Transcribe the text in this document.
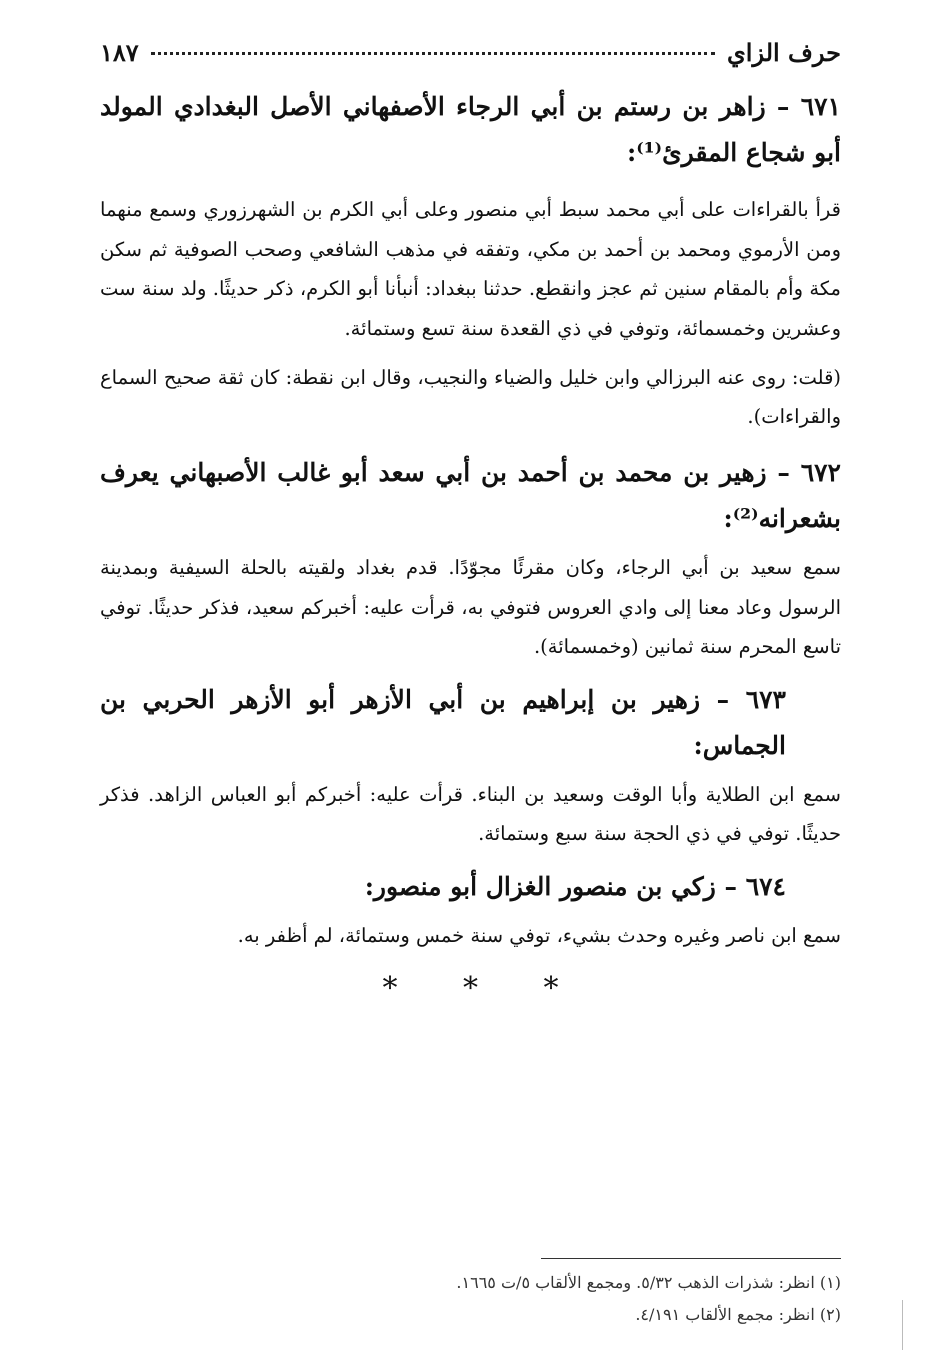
حرف الزاي
١٨٧

٦٧١ – زاهر بن رستم بن أبي الرجاء الأصفهاني الأصل البغدادي المولد أبو شجاع المقرئ⁽¹⁾:

قرأ بالقراءات على أبي محمد سبط أبي منصور وعلى أبي الكرم بن الشهرزوري وسمع منهما ومن الأرموي ومحمد بن أحمد بن مكي، وتفقه في مذهب الشافعي وصحب الصوفية ثم سكن مكة وأم بالمقام سنين ثم عجز وانقطع. حدثنا ببغداد: أنبأنا أبو الكرم، ذكر حديثًا. ولد سنة ست وعشرين وخمسمائة، وتوفي في ذي القعدة سنة تسع وستمائة.

(قلت: روى عنه البرزالي وابن خليل والضياء والنجيب، وقال ابن نقطة: كان ثقة صحيح السماع والقراءات).

٦٧٢ – زهير بن محمد بن أحمد بن أبي سعد أبو غالب الأصبهاني يعرف بشعرانه⁽²⁾:

سمع سعيد بن أبي الرجاء، وكان مقرئًا مجوّدًا. قدم بغداد ولقيته بالحلة السيفية وبمدينة الرسول وعاد معنا إلى وادي العروس فتوفي به، قرأت عليه: أخبركم سعيد، فذكر حديثًا. توفي تاسع المحرم سنة ثمانين (وخمسمائة).

٦٧٣ – زهير بن إبراهيم بن أبي الأزهر أبو الأزهر الحربي بن الجماس:

سمع ابن الطلاية وأبا الوقت وسعيد بن البناء. قرأت عليه: أخبركم أبو العباس الزاهد. فذكر حديثًا. توفي في ذي الحجة سنة سبع وستمائة.

٦٧٤ – زكي بن منصور الغزال أبو منصور:

سمع ابن ناصر وغيره وحدث بشيء، توفي سنة خمس وستمائة، لم أظفر به.

* * *
(١) انظر: شذرات الذهب ٥/٣٢. ومجمع الألقاب ٥/ت ١٦٦٥.
(٢) انظر: مجمع الألقاب ٤/١٩١.
